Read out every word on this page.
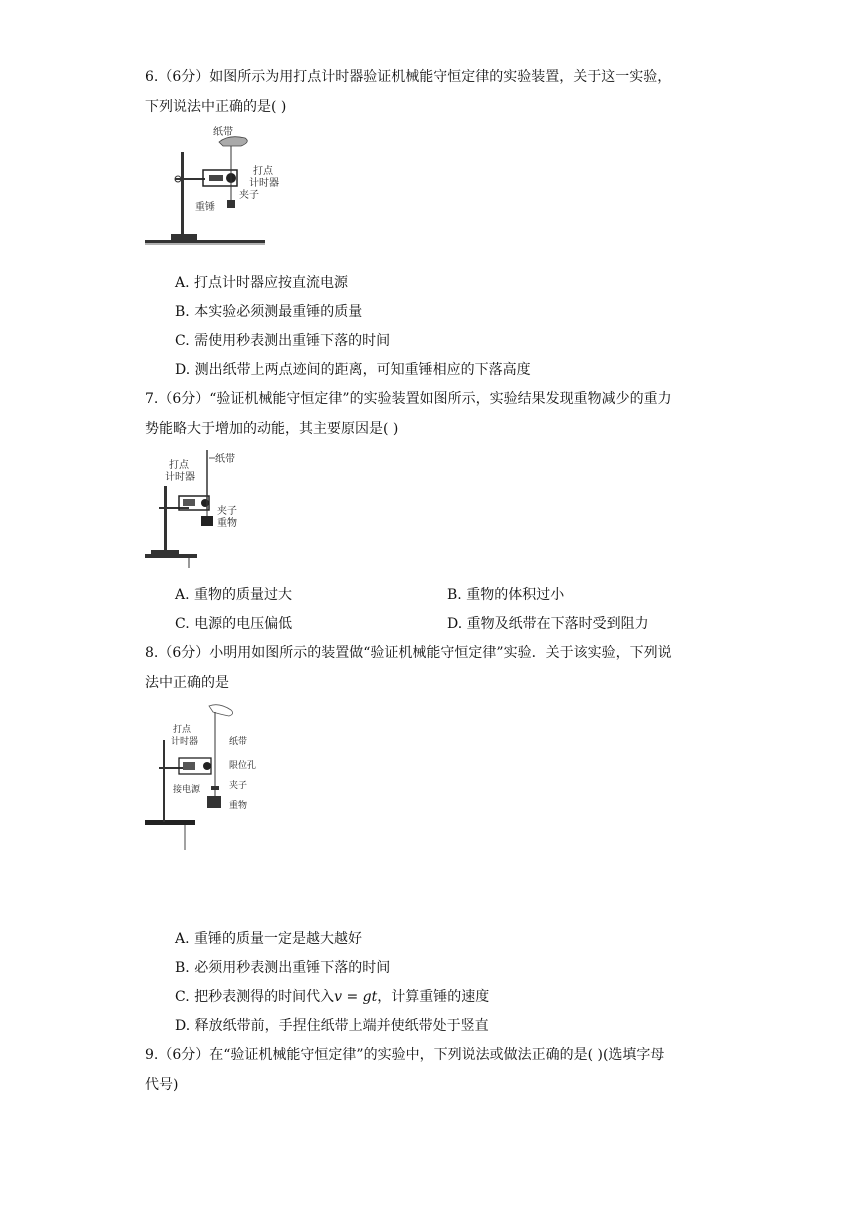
6.（6分）如图所示为用打点计时器验证机械能守恒定律的实验装置，关于这一实验，
下列说法中正确的是( )
纸带
打点
计时器
夹子
重锤
A. 打点计时器应按直流电源
B. 本实验必须测最重锤的质量
C. 需使用秒表测出重锤下落的时间
D. 测出纸带上两点迹间的距离，可知重锤相应的下落高度
7.（6分）“验证机械能守恒定律”的实验装置如图所示，实验结果发现重物减少的重力
势能略大于增加的动能，其主要原因是( )
打点
计时器
纸带
夹子
重物
A. 重物的质量过大	B. 重物的体积过小
C. 电源的电压偏低	D. 重物及纸带在下落时受到阻力
8.（6分）小明用如图所示的装置做“验证机械能守恒定律”实验．关于该实验，下列说
法中正确的是
打点
计时器	纸带
限位孔
接电源	夹子
重物
A. 重锤的质量一定是越大越好
B. 必须用秒表测出重锤下落的时间
C. 把秒表测得的时间代入v = gt，计算重锤的速度
D. 释放纸带前，手捏住纸带上端并使纸带处于竖直
9.（6分）在“验证机械能守恒定律”的实验中，下列说法或做法正确的是( )(选填字母
代号)
